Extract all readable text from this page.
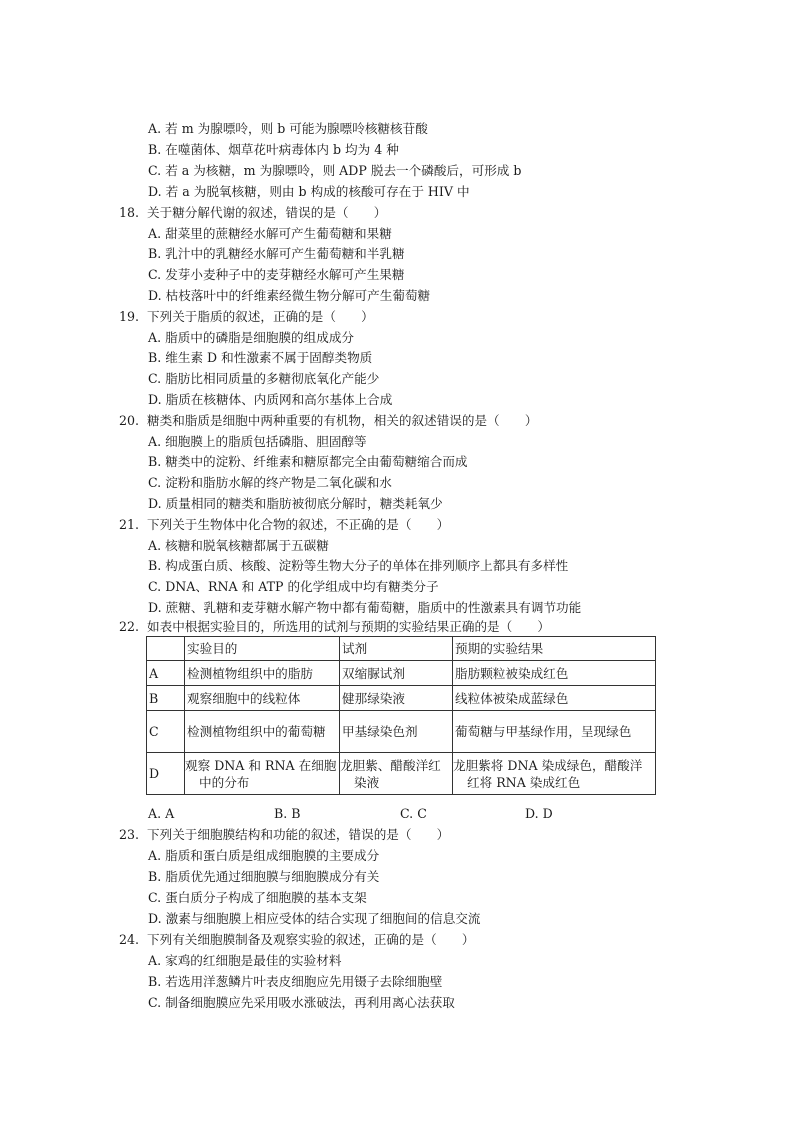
A. 若 m 为腺嘌呤，则 b 可能为腺嘌呤核糖核苷酸
B. 在噬菌体、烟草花叶病毒体内 b 均为 4 种
C. 若 a 为核糖，m 为腺嘌呤，则 ADP 脱去一个磷酸后，可形成 b
D. 若 a 为脱氧核糖，则由 b 构成的核酸可存在于 HIV 中
18. 关于糖分解代谢的叙述，错误的是（　　）
A. 甜菜里的蔗糖经水解可产生葡萄糖和果糖
B. 乳汁中的乳糖经水解可产生葡萄糖和半乳糖
C. 发芽小麦种子中的麦芽糖经水解可产生果糖
D. 枯枝落叶中的纤维素经微生物分解可产生葡萄糖
19. 下列关于脂质的叙述，正确的是（　　）
A. 脂质中的磷脂是细胞膜的组成成分
B. 维生素 D 和性激素不属于固醇类物质
C. 脂肪比相同质量的多糖彻底氧化产能少
D. 脂质在核糖体、内质网和高尔基体上合成
20. 糖类和脂质是细胞中两种重要的有机物，相关的叙述错误的是（　　）
A. 细胞膜上的脂质包括磷脂、胆固醇等
B. 糖类中的淀粉、纤维素和糖原都完全由葡萄糖缩合而成
C. 淀粉和脂肪水解的终产物是二氧化碳和水
D. 质量相同的糖类和脂肪被彻底分解时，糖类耗氧少
21. 下列关于生物体中化合物的叙述，不正确的是（　　）
A. 核糖和脱氧核糖都属于五碳糖
B. 构成蛋白质、核酸、淀粉等生物大分子的单体在排列顺序上都具有多样性
C. DNA、RNA 和 ATP 的化学组成中均有糖类分子
D. 蔗糖、乳糖和麦芽糖水解产物中都有葡萄糖，脂质中的性激素具有调节功能
22. 如表中根据实验目的，所选用的试剂与预期的实验结果正确的是（　　）
	实验目的	试剂	预期的实验结果
A	检测植物组织中的脂肪	双缩脲试剂	脂肪颗粒被染成红色
B	观察细胞中的线粒体	健那绿染液	线粒体被染成蓝绿色
C	检测植物组织中的葡萄糖	甲基绿染色剂	葡萄糖与甲基绿作用，呈现绿色
D	观察 DNA 和 RNA 在细胞中的分布	龙胆紫、醋酸洋红染液	龙胆紫将 DNA 染成绿色，醋酸洋红将 RNA 染成红色
A. A	B. B	C. C	D. D
23. 下列关于细胞膜结构和功能的叙述，错误的是（　　）
A. 脂质和蛋白质是组成细胞膜的主要成分
B. 脂质优先通过细胞膜与细胞膜成分有关
C. 蛋白质分子构成了细胞膜的基本支架
D. 激素与细胞膜上相应受体的结合实现了细胞间的信息交流
24. 下列有关细胞膜制备及观察实验的叙述，正确的是（　　）
A. 家鸡的红细胞是最佳的实验材料
B. 若选用洋葱鳞片叶表皮细胞应先用镊子去除细胞壁
C. 制备细胞膜应先采用吸水涨破法，再利用离心法获取
